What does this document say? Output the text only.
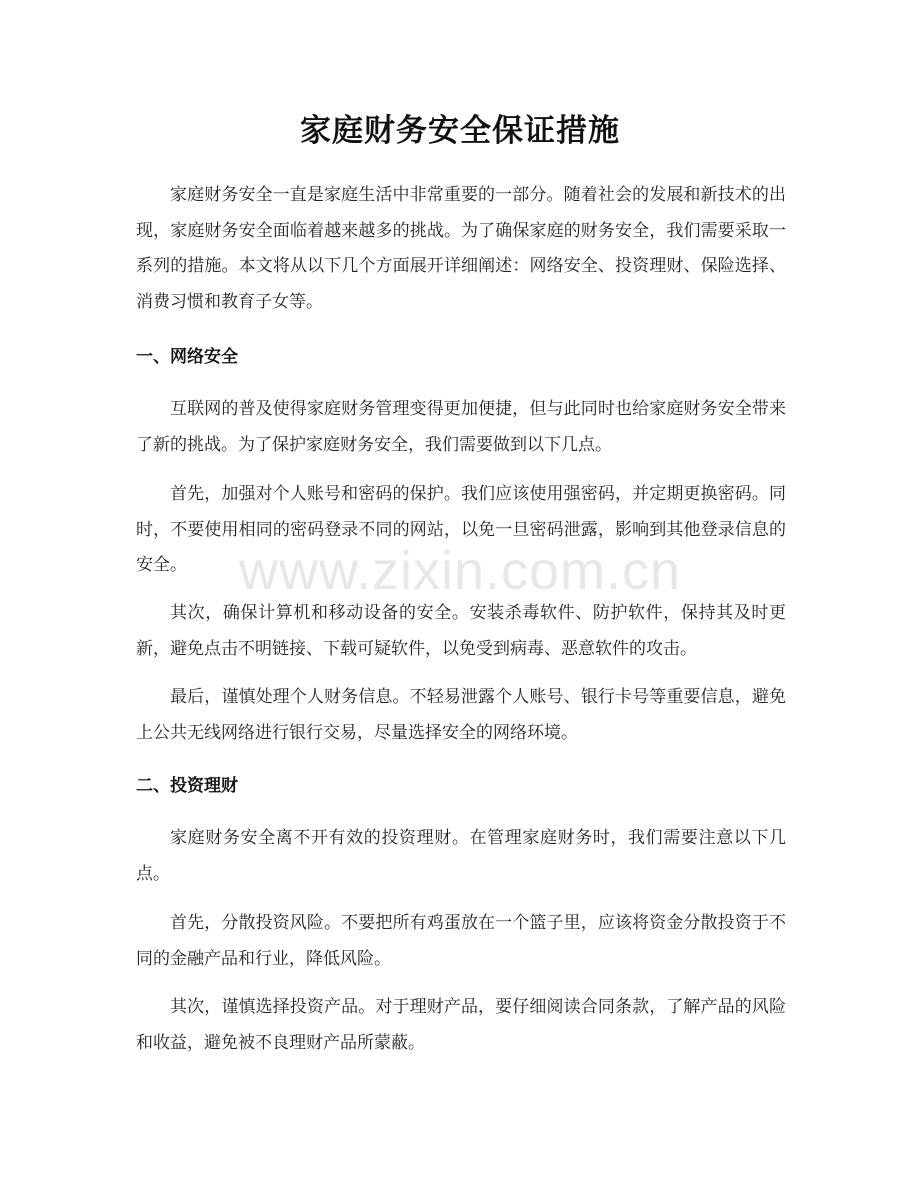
家庭财务安全保证措施

家庭财务安全一直是家庭生活中非常重要的一部分。随着社会的发展和新技术的出现，家庭财务安全面临着越来越多的挑战。为了确保家庭的财务安全，我们需要采取一系列的措施。本文将从以下几个方面展开详细阐述：网络安全、投资理财、保险选择、消费习惯和教育子女等。

一、网络安全

互联网的普及使得家庭财务管理变得更加便捷，但与此同时也给家庭财务安全带来了新的挑战。为了保护家庭财务安全，我们需要做到以下几点。

首先，加强对个人账号和密码的保护。我们应该使用强密码，并定期更换密码。同时，不要使用相同的密码登录不同的网站，以免一旦密码泄露，影响到其他登录信息的安全。

其次，确保计算机和移动设备的安全。安装杀毒软件、防护软件，保持其及时更新，避免点击不明链接、下载可疑软件，以免受到病毒、恶意软件的攻击。

最后，谨慎处理个人财务信息。不轻易泄露个人账号、银行卡号等重要信息，避免上公共无线网络进行银行交易，尽量选择安全的网络环境。

二、投资理财

家庭财务安全离不开有效的投资理财。在管理家庭财务时，我们需要注意以下几点。

首先，分散投资风险。不要把所有鸡蛋放在一个篮子里，应该将资金分散投资于不同的金融产品和行业，降低风险。

其次，谨慎选择投资产品。对于理财产品，要仔细阅读合同条款，了解产品的风险和收益，避免被不良理财产品所蒙蔽。

www.zixin.com.cn
